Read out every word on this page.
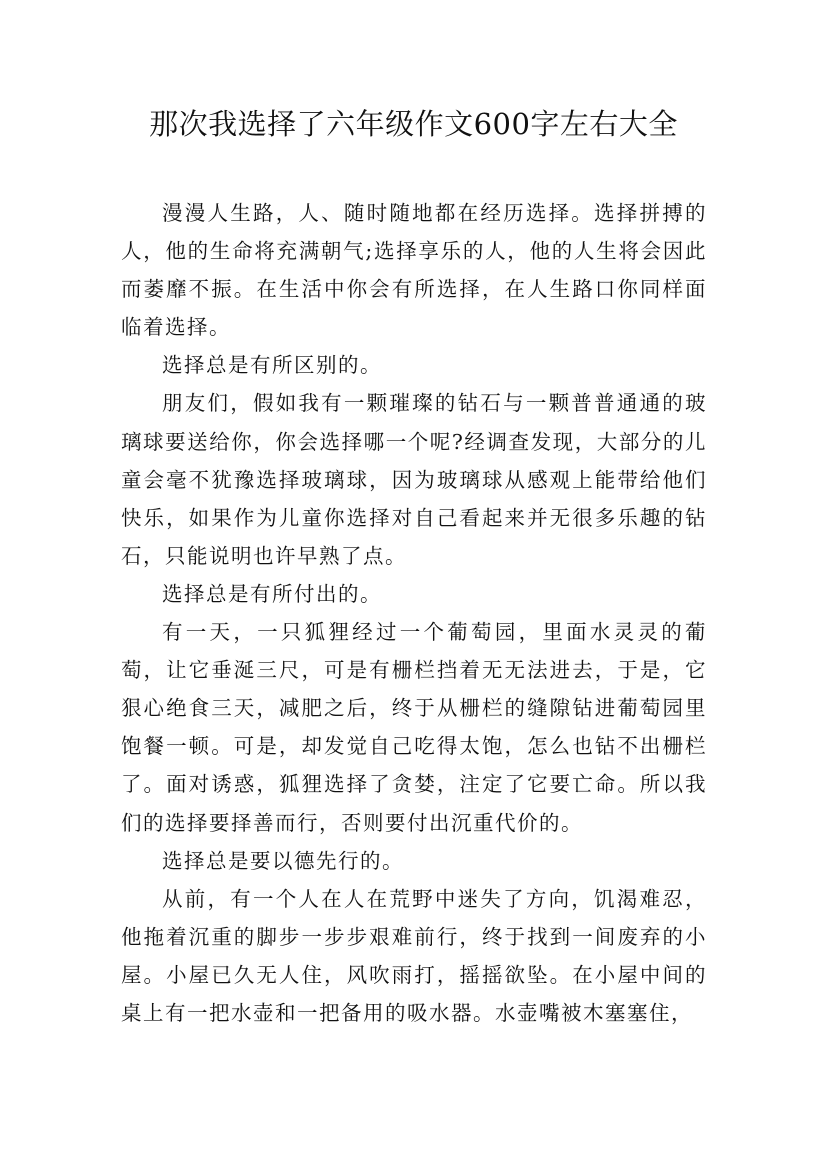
那次我选择了六年级作文600字左右大全

漫漫人生路，人、随时随地都在经历选择。选择拼搏的人，他的生命将充满朝气;选择享乐的人，他的人生将会因此而萎靡不振。在生活中你会有所选择，在人生路口你同样面临着选择。

选择总是有所区别的。

朋友们，假如我有一颗璀璨的钻石与一颗普普通通的玻璃球要送给你，你会选择哪一个呢?经调查发现，大部分的儿童会毫不犹豫选择玻璃球，因为玻璃球从感观上能带给他们快乐，如果作为儿童你选择对自己看起来并无很多乐趣的钻石，只能说明也许早熟了点。

选择总是有所付出的。

有一天，一只狐狸经过一个葡萄园，里面水灵灵的葡萄，让它垂涎三尺，可是有栅栏挡着无无法进去，于是，它狠心绝食三天，减肥之后，终于从栅栏的缝隙钻进葡萄园里饱餐一顿。可是，却发觉自己吃得太饱，怎么也钻不出栅栏了。面对诱惑，狐狸选择了贪婪，注定了它要亡命。所以我们的选择要择善而行，否则要付出沉重代价的。

选择总是要以德先行的。

从前，有一个人在人在荒野中迷失了方向，饥渴难忍，他拖着沉重的脚步一步步艰难前行，终于找到一间废弃的小屋。小屋已久无人住，风吹雨打，摇摇欲坠。在小屋中间的桌上有一把水壶和一把备用的吸水器。水壶嘴被木塞塞住，
